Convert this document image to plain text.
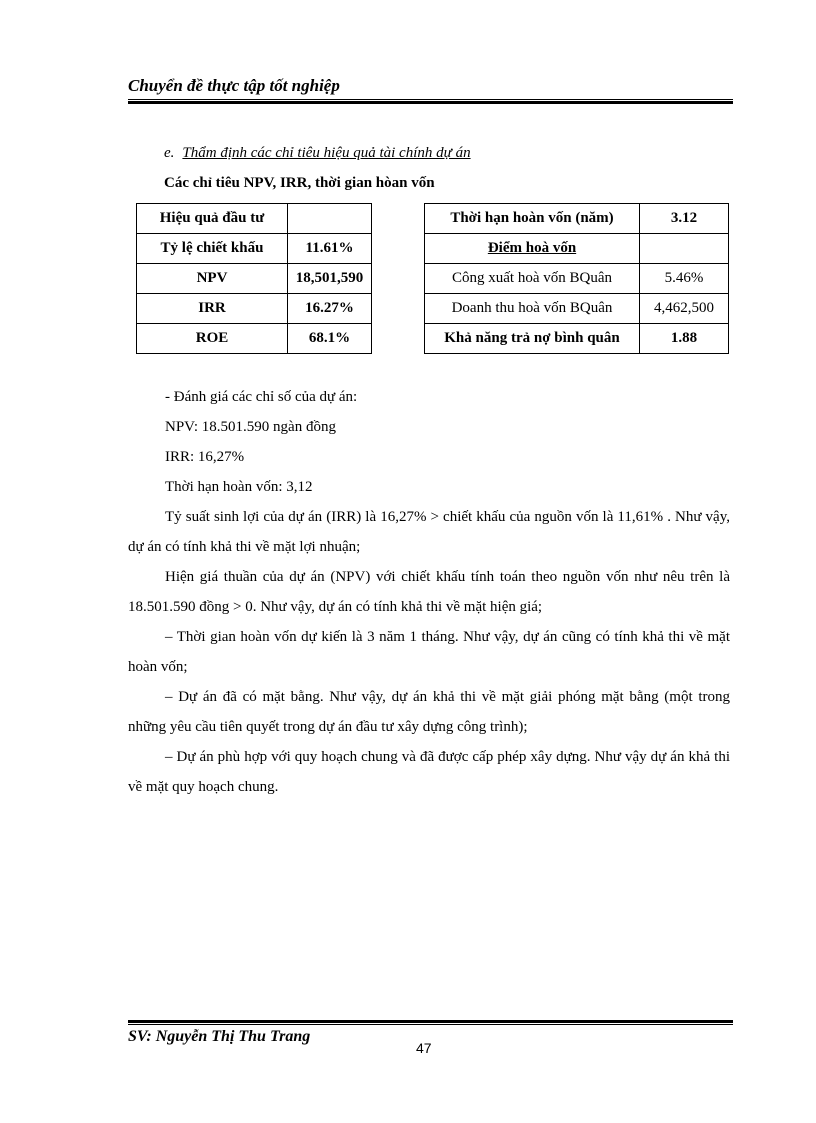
Chuyển đề thực tập tốt nghiệp
e. Thẩm định các chỉ tiêu hiệu quả tài chính dự án
Các chỉ tiêu NPV, IRR, thời gian hòan vốn
Hiệu quả đầu tư	
Tỷ lệ chiết khấu	11.61%
NPV	18,501,590
IRR	16.27%
ROE	68.1%
Thời hạn hoàn vốn (năm)	3.12
Điểm hoà vốn	
Công xuất hoà vốn BQuân	5.46%
Doanh thu hoà vốn BQuân	4,462,500
Khả năng trả nợ bình quân	1.88

- Đánh giá các chỉ số của dự án:

NPV: 18.501.590 ngàn đồng

IRR: 16,27%

Thời hạn hoàn vốn: 3,12

Tỷ suất sinh lợi của dự án (IRR) là 16,27% > chiết khấu của nguồn vốn là 11,61% . Như vậy, dự án có tính khả thi về mặt lợi nhuận;

Hiện giá thuần của dự án (NPV) với chiết khấu tính toán theo nguồn vốn như nêu trên là 18.501.590 đồng > 0. Như vậy, dự án có tính khả thi về mặt hiện giá;

– Thời gian hoàn vốn dự kiến là 3 năm 1 tháng. Như vậy, dự án cũng có tính khả thi về mặt hoàn vốn;

– Dự án đã có mặt bằng. Như vậy, dự án khả thi về mặt giải phóng mặt bằng (một trong những yêu cầu tiên quyết trong dự án đầu tư xây dựng công trình);

– Dự án phù hợp với quy hoạch chung và đã được cấp phép xây dựng. Như vậy dự án khả thi về mặt quy hoạch chung.

SV: Nguyễn Thị Thu Trang
47
